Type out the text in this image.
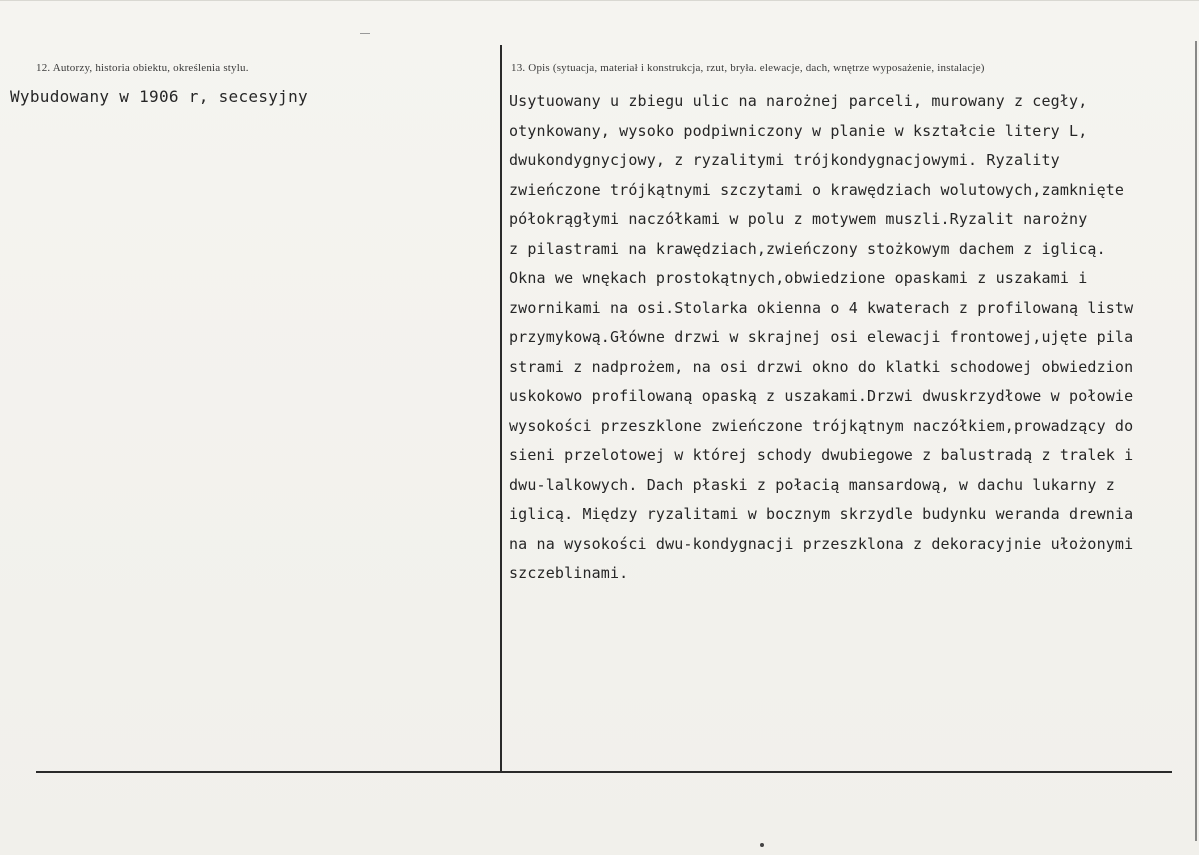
12. Autorzy, historia obiektu, określenia stylu.
Wybudowany w 1906 r, secesyjny
13. Opis (sytuacja, materiał i konstrukcja, rzut, bryła. elewacje, dach, wnętrze wyposażenie, instalacje)
Usytuowany u zbiegu ulic na narożnej parceli, murowany z cegły,
otynkowany, wysoko podpiwniczony w planie w kształcie litery L,
dwukondygnycjowy, z ryzalitymi trójkondygnacjowymi. Ryzality
zwieńczone trójkątnymi szczytami o krawędziach wolutowych,zamknięte
półokrągłymi naczółkami w polu z motywem muszli.Ryzalit narożny
z pilastrami na krawędziach,zwieńczony stożkowym dachem z iglicą.
Okna we wnękach prostokątnych,obwiedzione opaskami z uszakami i
zwornikami na osi.Stolarka okienna o 4 kwaterach z profilowaną listw
przymykową.Główne drzwi w skrajnej osi elewacji frontowej,ujęte pila
strami z nadprożem, na osi drzwi okno do klatki schodowej obwiedzion
uskokowo profilowaną opaską z uszakami.Drzwi dwuskrzydłowe w połowie
wysokości przeszklone zwieńczone trójkątnym naczółkiem,prowadzący do
sieni przelotowej w której schody dwubiegowe z balustradą z tralek i
dwu-lalkowych. Dach płaski z połacią mansardową, w dachu lukarny z
iglicą. Między ryzalitami w bocznym skrzydle budynku weranda drewnia
na na wysokości dwu-kondygnacji przeszklona z dekoracyjnie ułożonymi
szczeblinami.
